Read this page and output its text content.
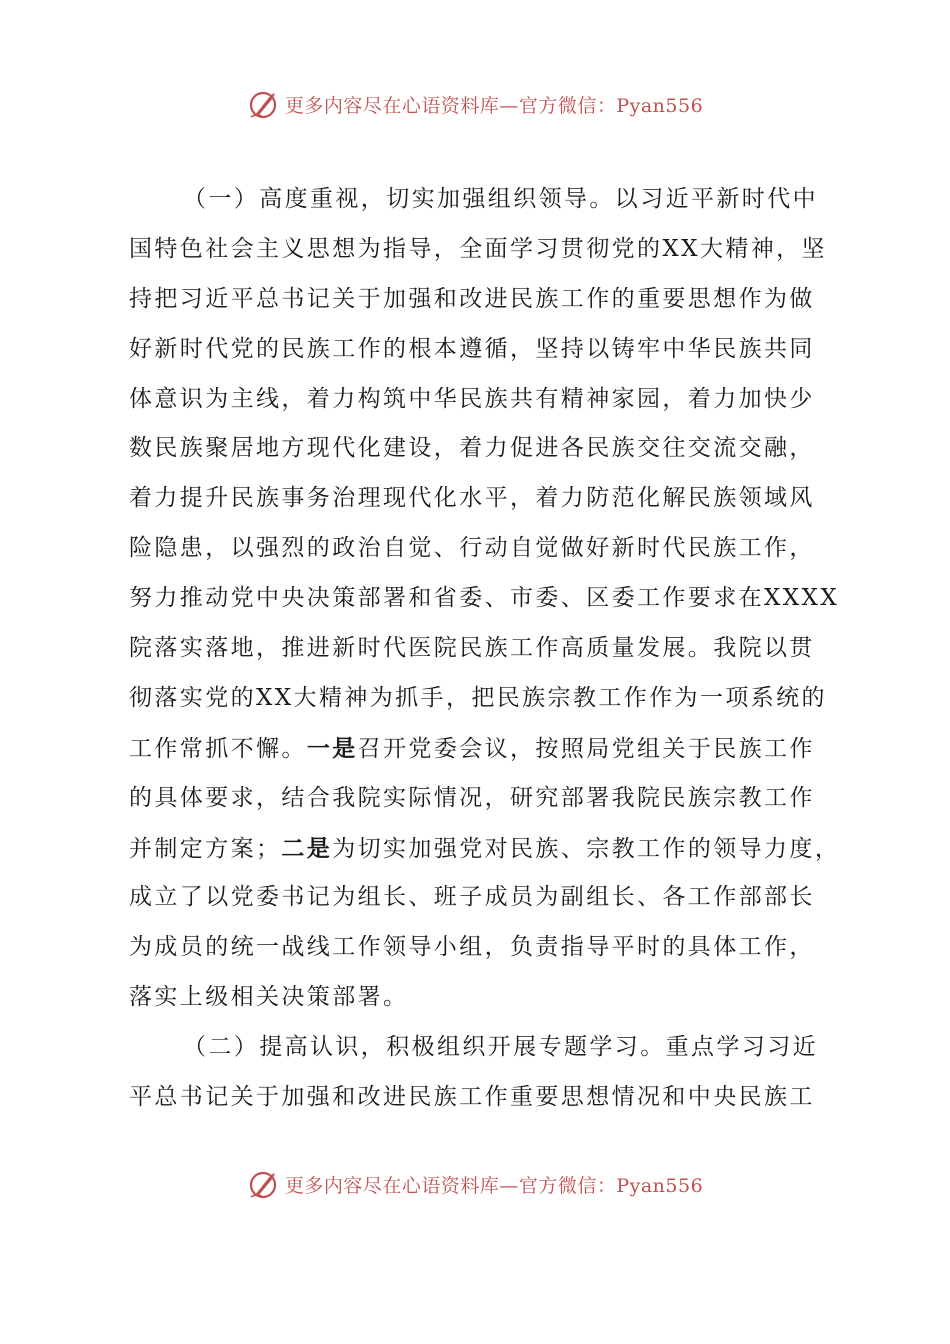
更多内容尽在心语资料库—官方微信：Pyan556
（一）高度重视，切实加强组织领导。以习近平新时代中
国特色社会主义思想为指导，全面学习贯彻党的XX大精神，坚
持把习近平总书记关于加强和改进民族工作的重要思想作为做
好新时代党的民族工作的根本遵循，坚持以铸牢中华民族共同
体意识为主线，着力构筑中华民族共有精神家园，着力加快少
数民族聚居地方现代化建设，着力促进各民族交往交流交融，
着力提升民族事务治理现代化水平，着力防范化解民族领域风
险隐患，以强烈的政治自觉、行动自觉做好新时代民族工作，
努力推动党中央决策部署和省委、市委、区委工作要求在XXXX
院落实落地，推进新时代医院民族工作高质量发展。我院以贯
彻落实党的XX大精神为抓手，把民族宗教工作作为一项系统的
工作常抓不懈。一是召开党委会议，按照局党组关于民族工作
的具体要求，结合我院实际情况，研究部署我院民族宗教工作
并制定方案；二是为切实加强党对民族、宗教工作的领导力度，
成立了以党委书记为组长、班子成员为副组长、各工作部部长
为成员的统一战线工作领导小组，负责指导平时的具体工作，
落实上级相关决策部署。
（二）提高认识，积极组织开展专题学习。重点学习习近
平总书记关于加强和改进民族工作重要思想情况和中央民族工
更多内容尽在心语资料库—官方微信：Pyan556
